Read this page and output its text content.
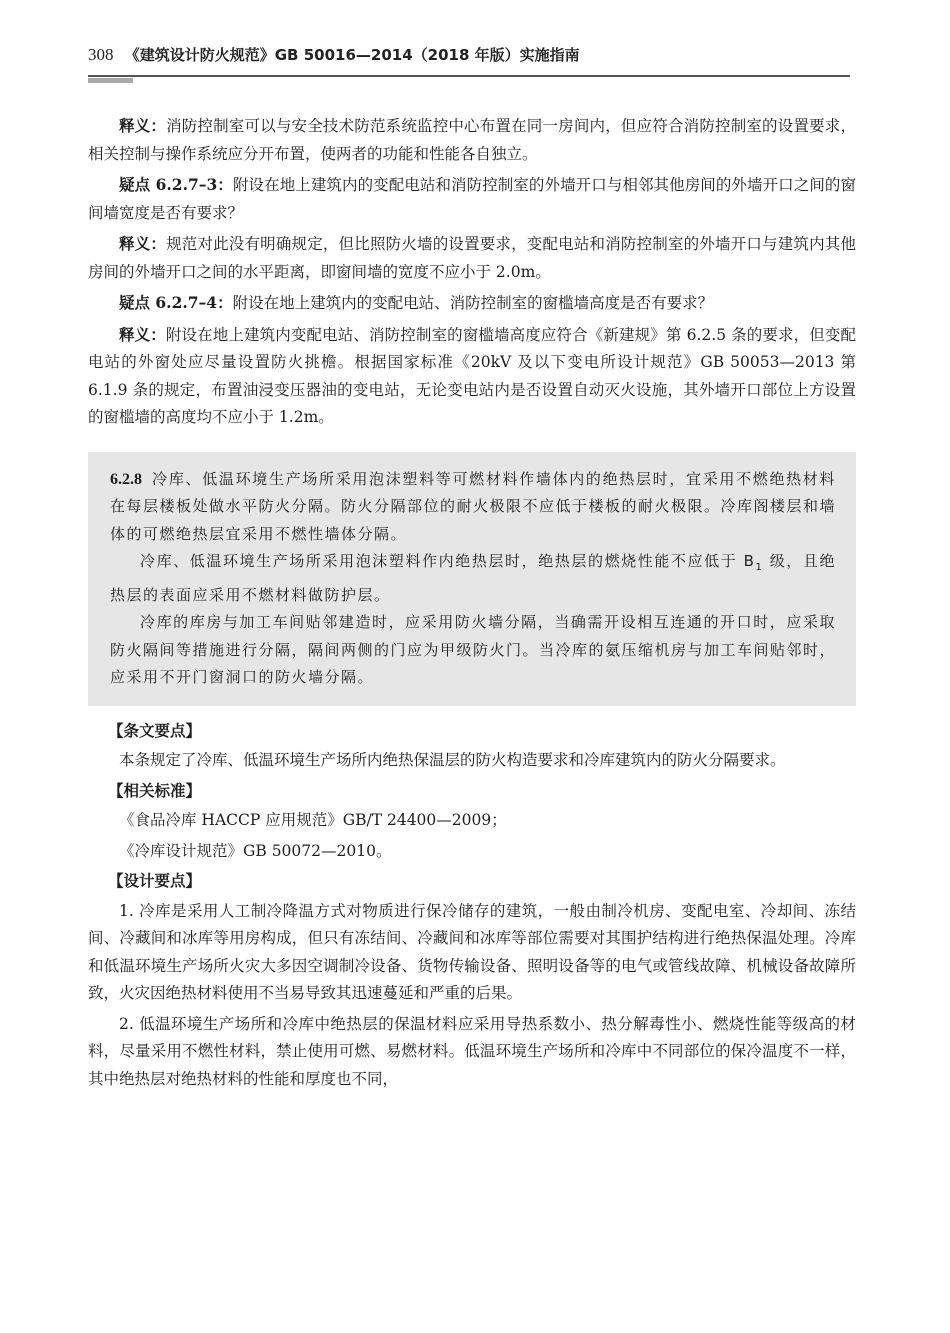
308 《建筑设计防火规范》GB 50016—2014（2018 年版）实施指南

释义：消防控制室可以与安全技术防范系统监控中心布置在同一房间内，但应符合消防控制室的设置要求，相关控制与操作系统应分开布置，使两者的功能和性能各自独立。

疑点 6.2.7–3：附设在地上建筑内的变配电站和消防控制室的外墙开口与相邻其他房间的外墙开口之间的窗间墙宽度是否有要求？

释义：规范对此没有明确规定，但比照防火墙的设置要求，变配电站和消防控制室的外墙开口与建筑内其他房间的外墙开口之间的水平距离，即窗间墙的宽度不应小于 2.0m。

疑点 6.2.7–4：附设在地上建筑内的变配电站、消防控制室的窗槛墙高度是否有要求？

释义：附设在地上建筑内变配电站、消防控制室的窗槛墙高度应符合《新建规》第 6.2.5 条的要求，但变配电站的外窗处应尽量设置防火挑檐。根据国家标准《20kV 及以下变电所设计规范》GB 50053—2013 第 6.1.9 条的规定，布置油浸变压器油的变电站，无论变电站内是否设置自动灭火设施，其外墙开口部位上方设置的窗槛墙的高度均不应小于 1.2m。

6.2.8 冷库、低温环境生产场所采用泡沫塑料等可燃材料作墙体内的绝热层时，宜采用不燃绝热材料在每层楼板处做水平防火分隔。防火分隔部位的耐火极限不应低于楼板的耐火极限。冷库阁楼层和墙体的可燃绝热层宜采用不燃性墙体分隔。

冷库、低温环境生产场所采用泡沫塑料作内绝热层时，绝热层的燃烧性能不应低于 $B_1$ 级，且绝热层的表面应采用不燃材料做防护层。

冷库的库房与加工车间贴邻建造时，应采用防火墙分隔，当确需开设相互连通的开口时，应采取防火隔间等措施进行分隔，隔间两侧的门应为甲级防火门。当冷库的氨压缩机房与加工车间贴邻时，应采用不开门窗洞口的防火墙分隔。

【条文要点】

本条规定了冷库、低温环境生产场所内绝热保温层的防火构造要求和冷库建筑内的防火分隔要求。

【相关标准】

《食品冷库 HACCP 应用规范》GB/T 24400—2009；

《冷库设计规范》GB 50072—2010。

【设计要点】

1. 冷库是采用人工制冷降温方式对物质进行保冷储存的建筑，一般由制冷机房、变配电室、冷却间、冻结间、冷藏间和冰库等用房构成，但只有冻结间、冷藏间和冰库等部位需要对其围护结构进行绝热保温处理。冷库和低温环境生产场所火灾大多因空调制冷设备、货物传输设备、照明设备等的电气或管线故障、机械设备故障所致，火灾因绝热材料使用不当易导致其迅速蔓延和严重的后果。

2. 低温环境生产场所和冷库中绝热层的保温材料应采用导热系数小、热分解毒性小、燃烧性能等级高的材料，尽量采用不燃性材料，禁止使用可燃、易燃材料。低温环境生产场所和冷库中不同部位的保冷温度不一样，其中绝热层对绝热材料的性能和厚度也不同，
